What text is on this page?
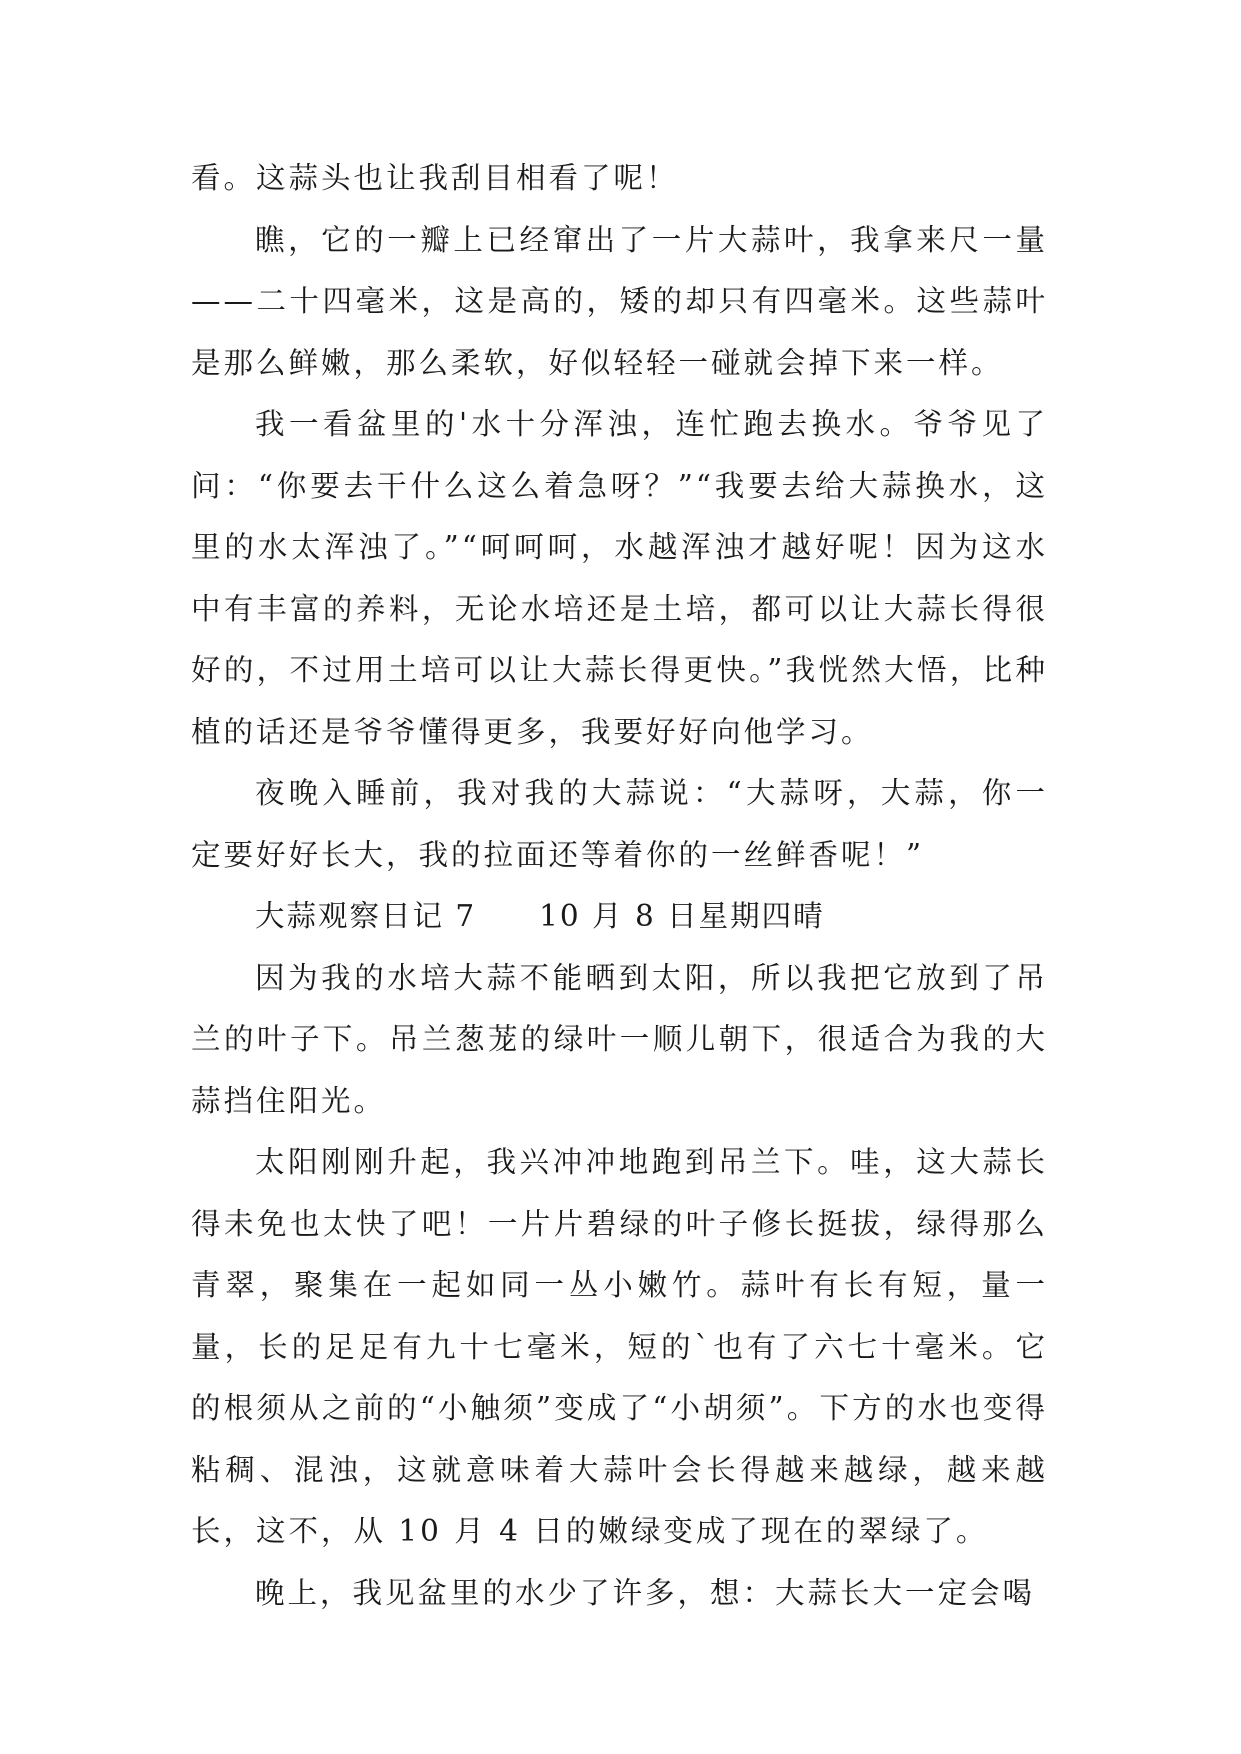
看。这蒜头也让我刮目相看了呢！

瞧，它的一瓣上已经窜出了一片大蒜叶，我拿来尺一量——二十四毫米，这是高的，矮的却只有四毫米。这些蒜叶是那么鲜嫩，那么柔软，好似轻轻一碰就会掉下来一样。

我一看盆里的'水十分浑浊，连忙跑去换水。爷爷见了问：“你要去干什么这么着急呀？”“我要去给大蒜换水，这里的水太浑浊了。”“呵呵呵，水越浑浊才越好呢！因为这水中有丰富的养料，无论水培还是土培，都可以让大蒜长得很好的，不过用土培可以让大蒜长得更快。”我恍然大悟，比种植的话还是爷爷懂得更多，我要好好向他学习。

夜晚入睡前，我对我的大蒜说：“大蒜呀，大蒜，你一定要好好长大，我的拉面还等着你的一丝鲜香呢！”

大蒜观察日记 7　　10 月 8 日星期四晴

因为我的水培大蒜不能晒到太阳，所以我把它放到了吊兰的叶子下。吊兰葱茏的绿叶一顺儿朝下，很适合为我的大蒜挡住阳光。

太阳刚刚升起，我兴冲冲地跑到吊兰下。哇，这大蒜长得未免也太快了吧！一片片碧绿的叶子修长挺拔，绿得那么青翠，聚集在一起如同一丛小嫩竹。蒜叶有长有短，量一量，长的足足有九十七毫米，短的`也有了六七十毫米。它的根须从之前的“小触须”变成了“小胡须”。下方的水也变得粘稠、混浊，这就意味着大蒜叶会长得越来越绿，越来越长，这不，从 10 月 4 日的嫩绿变成了现在的翠绿了。

晚上，我见盆里的水少了许多，想：大蒜长大一定会喝
